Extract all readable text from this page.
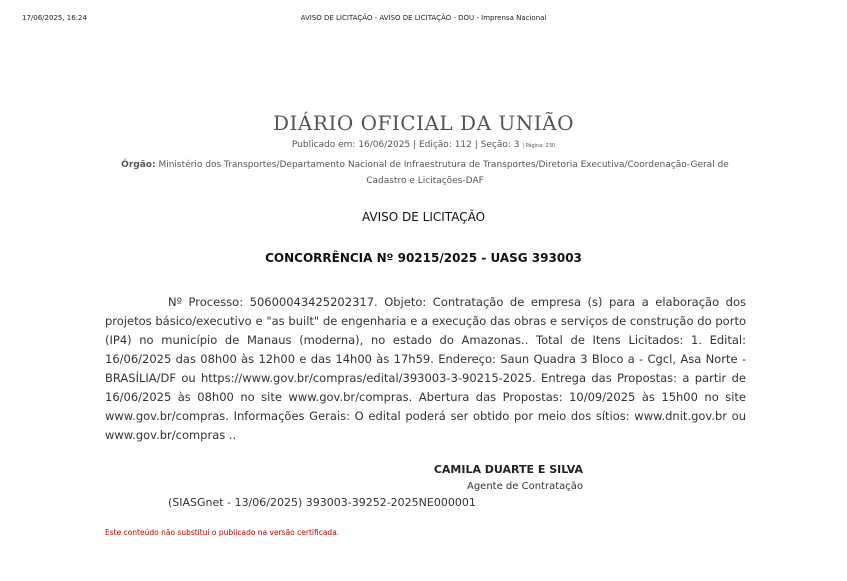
17/06/2025, 16:24	AVISO DE LICITAÇÃO - AVISO DE LICITAÇÃO - DOU - Imprensa Nacional
DIÁRIO OFICIAL DA UNIÃO
Publicado em: 16/06/2025 | Edição: 112 | Seção: 3 | Página: 230
Órgão: Ministério dos Transportes/Departamento Nacional de Infraestrutura de Transportes/Diretoria Executiva/Coordenação-Geral de Cadastro e Licitações-DAF
AVISO DE LICITAÇÃO
CONCORRÊNCIA Nº 90215/2025 - UASG 393003
Nº Processo: 50600043425202317. Objeto: Contratação de empresa (s) para a elaboração dos projetos básico/executivo e "as built" de engenharia e a execução das obras e serviços de construção do porto (IP4) no município de Manaus (moderna), no estado do Amazonas.. Total de Itens Licitados: 1. Edital: 16/06/2025 das 08h00 às 12h00 e das 14h00 às 17h59. Endereço: Saun Quadra 3 Bloco a - Cgcl, Asa Norte - BRASÍLIA/DF ou https://www.gov.br/compras/edital/393003-3-90215-2025. Entrega das Propostas: a partir de 16/06/2025 às 08h00 no site www.gov.br/compras. Abertura das Propostas: 10/09/2025 às 15h00 no site www.gov.br/compras. Informações Gerais: O edital poderá ser obtido por meio dos sítios: www.dnit.gov.br ou www.gov.br/compras ..
CAMILA DUARTE E SILVA
Agente de Contratação
(SIASGnet - 13/06/2025) 393003-39252-2025NE000001
Este conteúdo não substitui o publicado na versão certificada.
